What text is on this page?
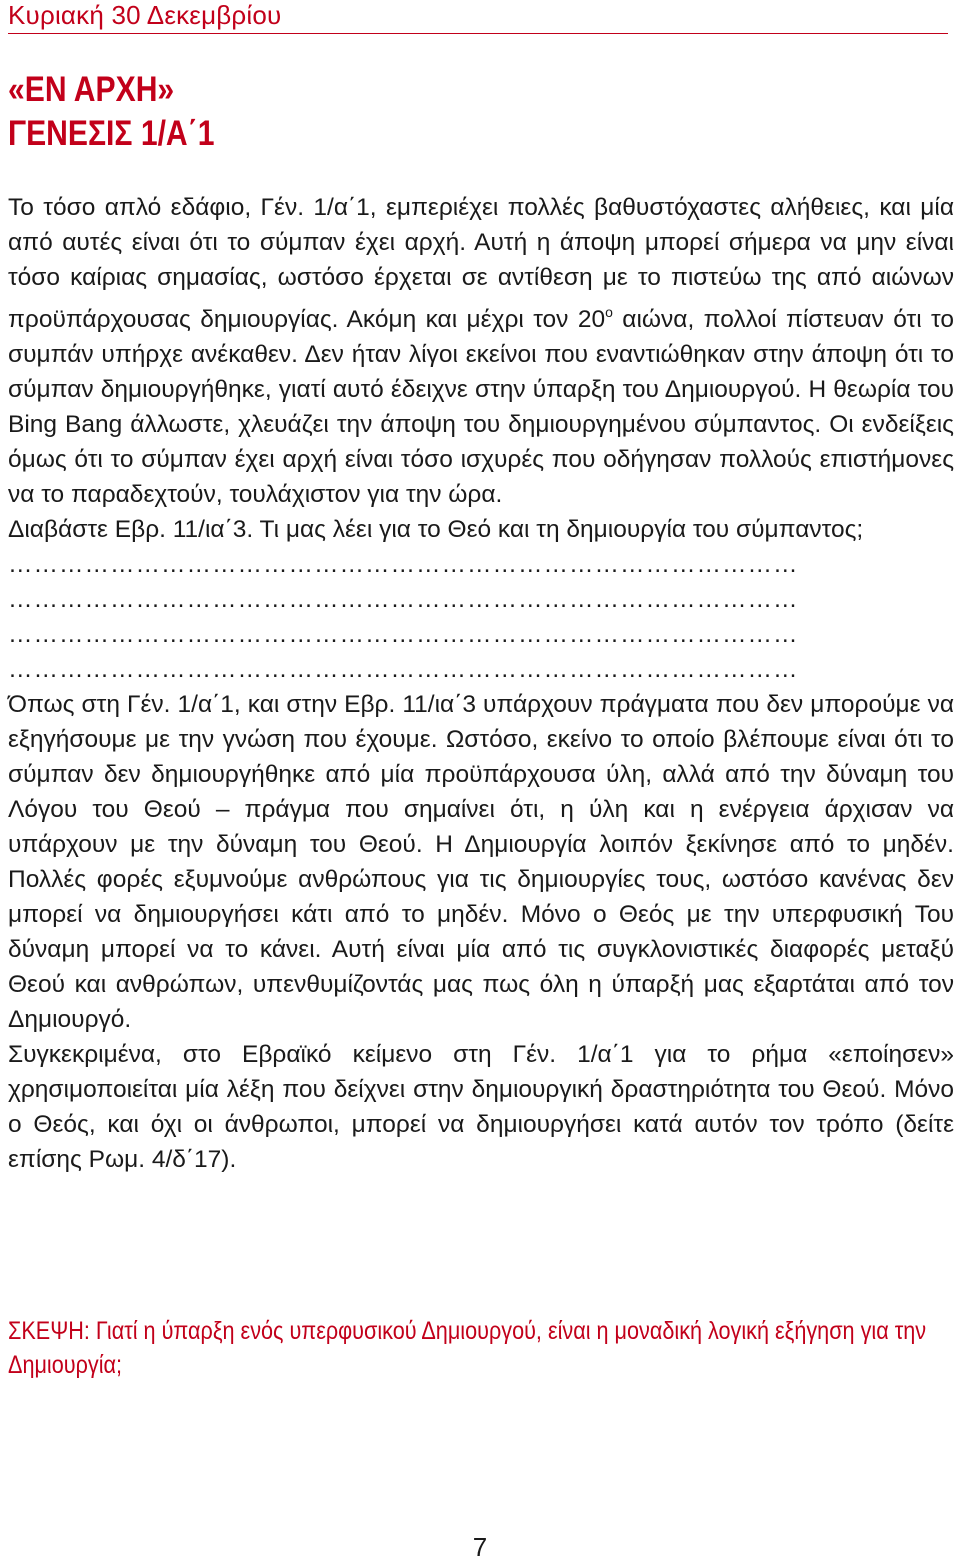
Κυριακή 30 Δεκεμβρίου
«ΕΝ ΑΡΧΗ»
ΓΕΝΕΣΙΣ 1/Α΄1

Το τόσο απλό εδάφιο, Γέν. 1/α΄1, εμπεριέχει πολλές βαθυστόχαστες αλήθειες, και μία από αυτές είναι ότι το σύμπαν έχει αρχή. Αυτή η άποψη μπορεί σήμερα να μην είναι τόσο καίριας σημασίας, ωστόσο έρχεται σε αντίθεση με το πιστεύω της από αιώνων προϋπάρχουσας δημιουργίας. Ακόμη και μέχρι τον $20^o$ αιώνα, πολλοί πίστευαν ότι το συμπάν υπήρχε ανέκαθεν. Δεν ήταν λίγοι εκείνοι που εναντιώθηκαν στην άποψη ότι το σύμπαν δημιουργήθηκε, γιατί αυτό έδειχνε στην ύπαρξη του Δημιουργού. Η θεωρία του Bing Bang άλλωστε, χλευάζει την άποψη του δημιουργημένου σύμπαντος. Οι ενδείξεις όμως ότι το σύμπαν έχει αρχή είναι τόσο ισχυρές που οδήγησαν πολλούς επιστήμονες να το παραδεχτούν, τουλάχιστον για την ώρα.

Διαβάστε Εβρ. 11/ια΄3. Τι μας λέει για το Θεό και τη δημιουργία του σύμπαντος;

…………………………………………………………………………………
…………………………………………………………………………………
…………………………………………………………………………………
…………………………………………………………………………………

Όπως στη Γέν. 1/α΄1, και στην Εβρ. 11/ια΄3 υπάρχουν πράγματα που δεν μπορούμε να εξηγήσουμε με την γνώση που έχουμε. Ωστόσο, εκείνο το οποίο βλέπουμε είναι ότι το σύμπαν δεν δημιουργήθηκε από μία προϋπάρχουσα ύλη, αλλά από την δύναμη του Λόγου του Θεού – πράγμα που σημαίνει ότι, η ύλη και η ενέργεια άρχισαν να υπάρχουν με την δύναμη του Θεού. Η Δημιουργία λοιπόν ξεκίνησε από το μηδέν. Πολλές φορές εξυμνούμε ανθρώπους για τις δημιουργίες τους, ωστόσο κανένας δεν μπορεί να δημιουργήσει κάτι από το μηδέν. Μόνο ο Θεός με την υπερφυσική Του δύναμη μπορεί να το κάνει. Αυτή είναι μία από τις συγκλονιστικές διαφορές μεταξύ Θεού και ανθρώπων, υπενθυμίζοντάς μας πως όλη η ύπαρξή μας εξαρτάται από τον Δημιουργό.

Συγκεκριμένα, στο Εβραϊκό κείμενο στη Γέν. 1/α΄1 για το ρήμα «εποίησεν» χρησιμοποιείται μία λέξη που δείχνει στην δημιουργική δραστηριότητα του Θεού. Μόνο ο Θεός, και όχι οι άνθρωποι, μπορεί να δημιουργήσει κατά αυτόν τον τρόπο (δείτε επίσης Ρωμ. 4/δ΄17).

ΣΚΕΨΗ: Γιατί η ύπαρξη ενός υπερφυσικού Δημιουργού, είναι η μοναδική λογική εξήγηση για την Δημιουργία;
7
